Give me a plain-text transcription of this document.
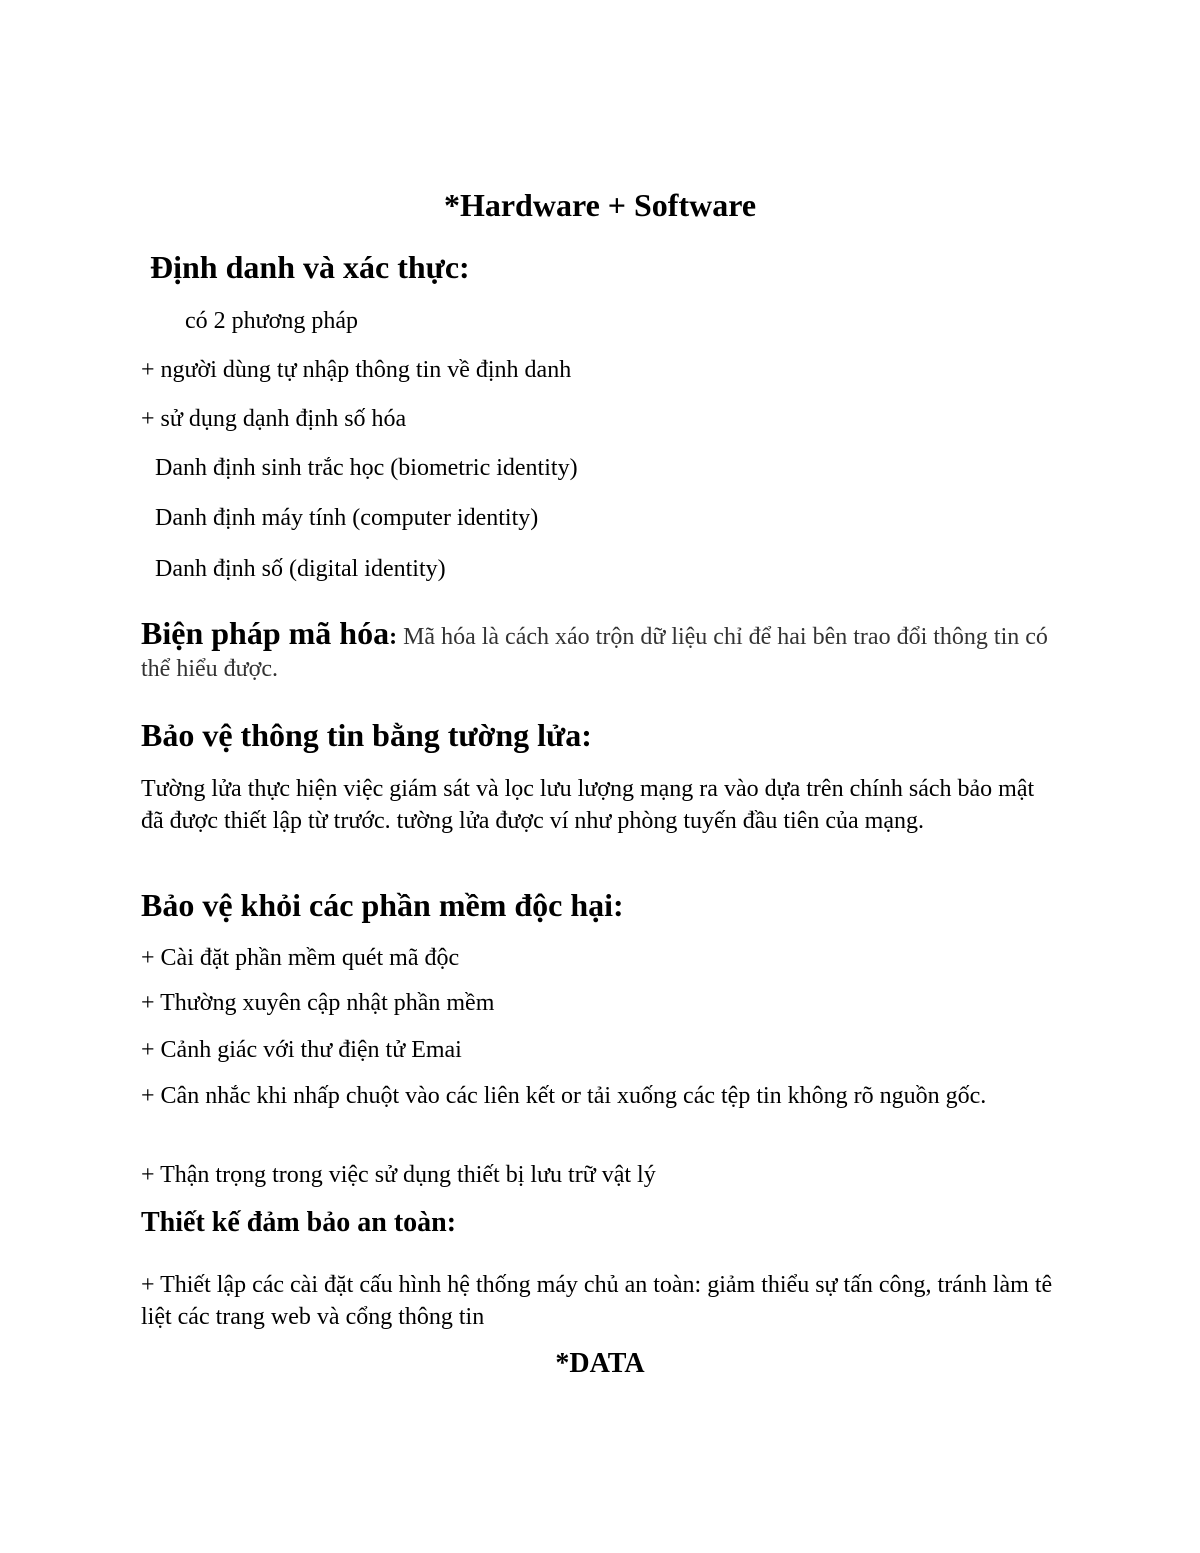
*Hardware + Software
Định danh và xác thực:
có 2 phương pháp
+ người dùng tự nhập thông tin về định danh
+ sử dụng dạnh định số hóa
Danh định sinh trắc học (biometric identity)
Danh định máy tính (computer identity)
Danh định số (digital identity)
Biện pháp mã hóa: Mã hóa là cách xáo trộn dữ liệu chỉ để hai bên trao đổi thông tin có thể hiểu được.
Bảo vệ thông tin bằng tường lửa:
Tường lửa thực hiện việc giám sát và lọc lưu lượng mạng ra vào dựa trên chính sách bảo mật đã được thiết lập từ trước. tường lửa được ví như phòng tuyến đầu tiên của mạng.
Bảo vệ khỏi các phần mềm độc hại:
+ Cài đặt phần mềm quét mã độc
+ Thường xuyên cập nhật phần mềm
+ Cảnh giác với thư điện tử Emai
+ Cân nhắc khi nhấp chuột vào các liên kết or tải xuống các tệp tin không rõ nguồn gốc.
+ Thận trọng trong việc sử dụng thiết bị lưu trữ vật lý
Thiết kế đảm bảo an toàn:
+ Thiết lập các cài đặt cấu hình hệ thống máy chủ an toàn: giảm thiểu sự tấn công, tránh làm tê liệt các trang web và cổng thông tin
*DATA
